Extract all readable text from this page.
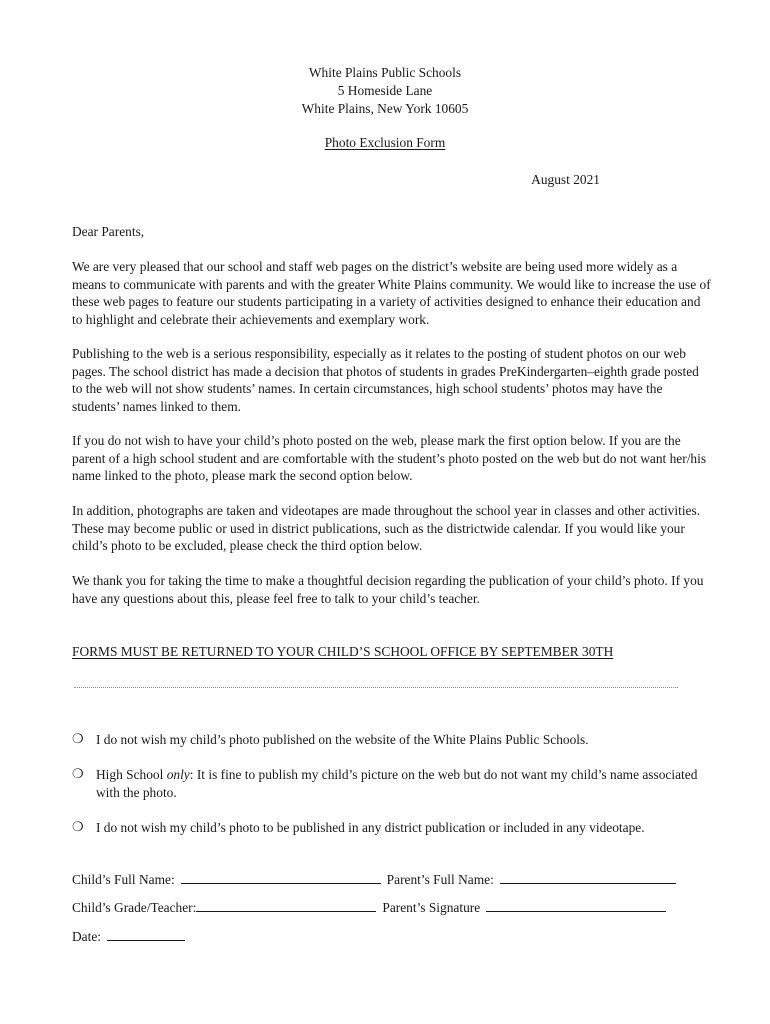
White Plains Public Schools
5 Homeside Lane
White Plains, New York 10605
Photo Exclusion Form
August 2021
Dear Parents,

We are very pleased that our school and staff web pages on the district’s website are being used more widely as a means to communicate with parents and with the greater White Plains community. We would like to increase the use of these web pages to feature our students participating in a variety of activities designed to enhance their education and to highlight and celebrate their achievements and exemplary work.

Publishing to the web is a serious responsibility, especially as it relates to the posting of student photos on our web pages. The school district has made a decision that photos of students in grades PreKindergarten–eighth grade posted to the web will not show students’ names. In certain circumstances, high school students’ photos may have the students’ names linked to them.

If you do not wish to have your child’s photo posted on the web, please mark the first option below. If you are the parent of a high school student and are comfortable with the student’s photo posted on the web but do not want her/his name linked to the photo, please mark the second option below.

In addition, photographs are taken and videotapes are made throughout the school year in classes and other activities. These may become public or used in district publications, such as the districtwide calendar. If you would like your child’s photo to be excluded, please check the third option below.

We thank you for taking the time to make a thoughtful decision regarding the publication of your child’s photo. If you have any questions about this, please feel free to talk to your child’s teacher.

FORMS MUST BE RETURNED TO YOUR CHILD’S SCHOOL OFFICE BY SEPTEMBER 30TH
❍ I do not wish my child’s photo published on the website of the White Plains Public Schools.
❍ High School only: It is fine to publish my child’s picture on the web but do not want my child’s name associated with the photo.
❍ I do not wish my child’s photo to be published in any district publication or included in any videotape.
Child’s Full Name:	Parent’s Full Name:
Child’s Grade/Teacher:	Parent’s Signature
Date:
